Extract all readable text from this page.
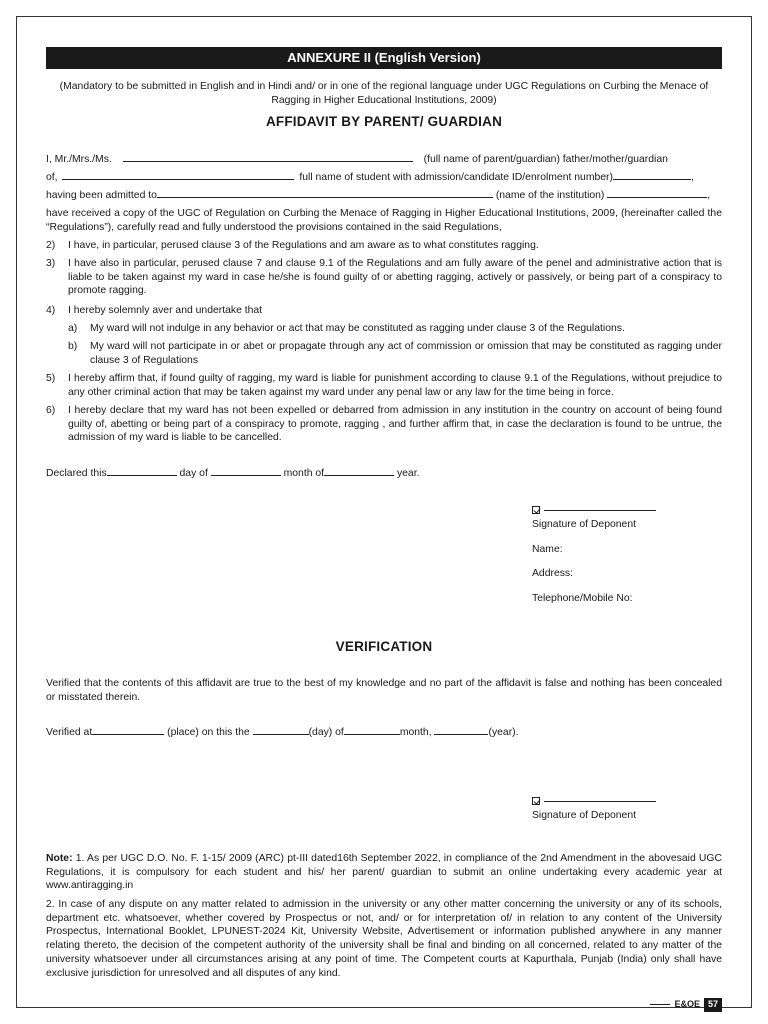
ANNEXURE II (English Version)
(Mandatory to be submitted in English and in Hindi and/ or in one of the regional language under UGC Regulations on Curbing the Menace of Ragging in Higher Educational Institutions, 2009)
AFFIDAVIT BY PARENT/ GUARDIAN
I, Mr./Mrs./Ms.	(full name of parent/guardian) father/mother/guardian
of,	full name of student with admission/candidate ID/enrolment number)	,
having been admitted to	(name of the institution)	,
have received a copy of the UGC of Regulation on Curbing the Menace of Ragging in Higher Educational Institutions, 2009, (hereinafter called the “Regulations”), carefully read and fully understood the provisions contained in the said Regulations,
2)	I have, in particular, perused clause 3 of the Regulations and am aware as to what constitutes ragging.
3)	I have also in particular, perused clause 7 and clause 9.1 of the Regulations and am fully aware of the penel and administrative action that is liable to be taken against my ward in case he/she is found guilty of or abetting ragging, actively or passively, or being part of a conspiracy to promote ragging.
4)	I hereby solemnly aver and undertake that
a)	My ward will not indulge in any behavior or act that may be constituted as ragging under clause 3 of the Regulations.
b)	My ward will not participate in or abet or propagate through any act of commission or omission that may be constituted as ragging under clause 3 of Regulations
5)	I hereby affirm that, if found guilty of ragging, my ward is liable for punishment according to clause 9.1 of the Regulations, without prejudice to any other criminal action that may be taken against my ward under any penal law or any law for the time being in force.
6)	I hereby declare that my ward has not been expelled or debarred from admission in any institution in the country on account of being found guilty of, abetting or being part of a conspiracy to promote, ragging , and further affirm that, in case the declaration is found to be untrue, the admission of my ward is liable to be cancelled.
Declared this	day of	month of	year.
Signature of Deponent
Name:
Address:
Telephone/Mobile No:
VERIFICATION
Verified that the contents of this affidavit are true to the best of my knowledge and no part of the affidavit is false and nothing has been concealed or misstated therein.
Verified at	(place) on this the	(day) of	month,	(year).
Signature of Deponent
Note: 1. As per UGC D.O. No. F. 1-15/ 2009 (ARC) pt-III dated16th September 2022, in compliance of the 2nd Amendment in the abovesaid UGC Regulations, it is compulsory for each student and his/ her parent/ guardian to submit an online undertaking every academic year at www.antiragging.in
2. In case of any dispute on any matter related to admission in the university or any other matter concerning the university or any of its schools, department etc. whatsoever, whether covered by Prospectus or not, and/ or for interpretation of/ in relation to any content of the University Prospectus, International Booklet, LPUNEST-2024 Kit, University Website, Advertisement or information published anywhere in any manner relating thereto, the decision of the competent authority of the university shall be final and binding on all concerned, related to any matter of the university whatsoever under all circumstances arising at any point of time. The Competent courts at Kapurthala, Punjab (India) only shall have exclusive jurisdiction for unresolved and all disputes of any kind.
E&OE 57
